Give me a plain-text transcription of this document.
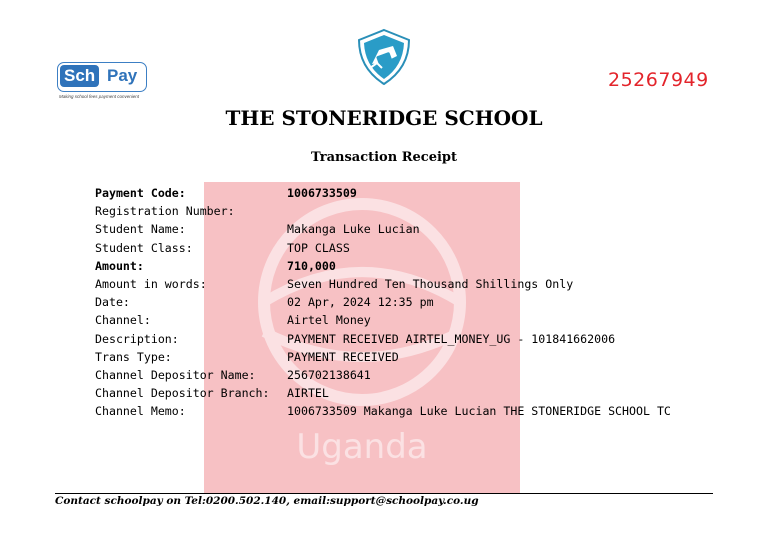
Sch Pay
Making school fees payment convenient
25267949
THE STONERIDGE SCHOOL
Transaction Receipt
Uganda
Payment Code:	1006733509
Registration Number:
Student Name:	Makanga Luke Lucian
Student Class:	TOP CLASS
Amount:	710,000
Amount in words:	Seven Hundred Ten Thousand Shillings Only
Date:	02 Apr, 2024 12:35 pm
Channel:	Airtel Money
Description:	PAYMENT RECEIVED AIRTEL_MONEY_UG - 101841662006
Trans Type:	PAYMENT RECEIVED
Channel Depositor Name:	256702138641
Channel Depositor Branch: AIRTEL
Channel Memo:	1006733509 Makanga Luke Lucian THE STONERIDGE SCHOOL TC
Contact schoolpay on Tel:0200.502.140, email:support@schoolpay.co.ug
